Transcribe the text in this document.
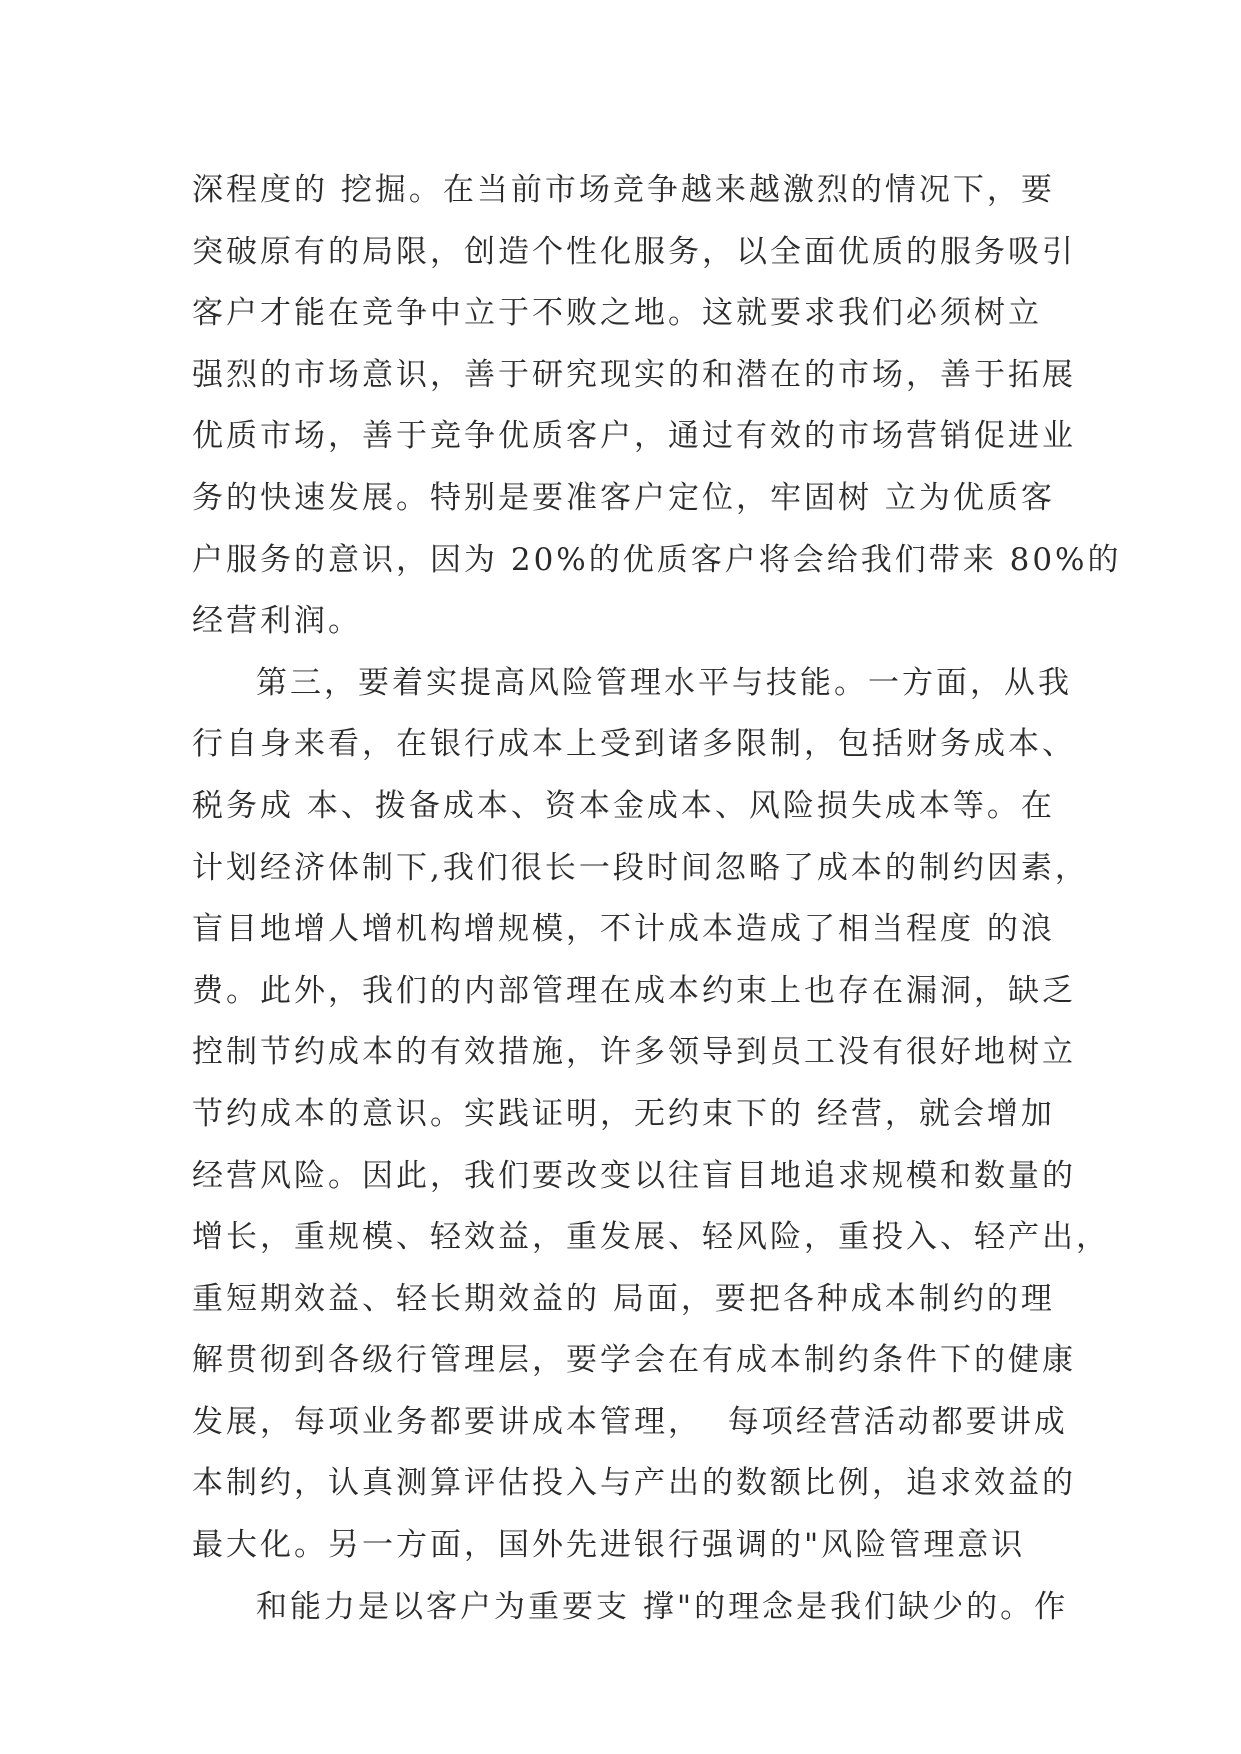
深程度的 挖掘。在当前市场竞争越来越激烈的情况下，要
突破原有的局限，创造个性化服务，以全面优质的服务吸引
客户才能在竞争中立于不败之地。这就要求我们必须树立
强烈的市场意识，善于研究现实的和潜在的市场，善于拓展
优质市场，善于竞争优质客户，通过有效的市场营销促进业
务的快速发展。特别是要准客户定位，牢固树 立为优质客
户服务的意识，因为 20%的优质客户将会给我们带来 80%的
经营利润。
第三，要着实提高风险管理水平与技能。一方面，从我
行自身来看，在银行成本上受到诸多限制，包括财务成本、
税务成 本、拨备成本、资本金成本、风险损失成本等。在
计划经济体制下,我们很长一段时间忽略了成本的制约因素，
盲目地增人增机构增规模，不计成本造成了相当程度 的浪
费。此外，我们的内部管理在成本约束上也存在漏洞，缺乏
控制节约成本的有效措施，许多领导到员工没有很好地树立
节约成本的意识。实践证明，无约束下的 经营，就会增加
经营风险。因此，我们要改变以往盲目地追求规模和数量的
增长，重规模、轻效益，重发展、轻风险，重投入、轻产出，
重短期效益、轻长期效益的 局面，要把各种成本制约的理
解贯彻到各级行管理层，要学会在有成本制约条件下的健康
发展，每项业务都要讲成本管理，  每项经营活动都要讲成
本制约，认真测算评估投入与产出的数额比例，追求效益的
最大化。另一方面，国外先进银行强调的"风险管理意识
和能力是以客户为重要支 撑"的理念是我们缺少的。作
